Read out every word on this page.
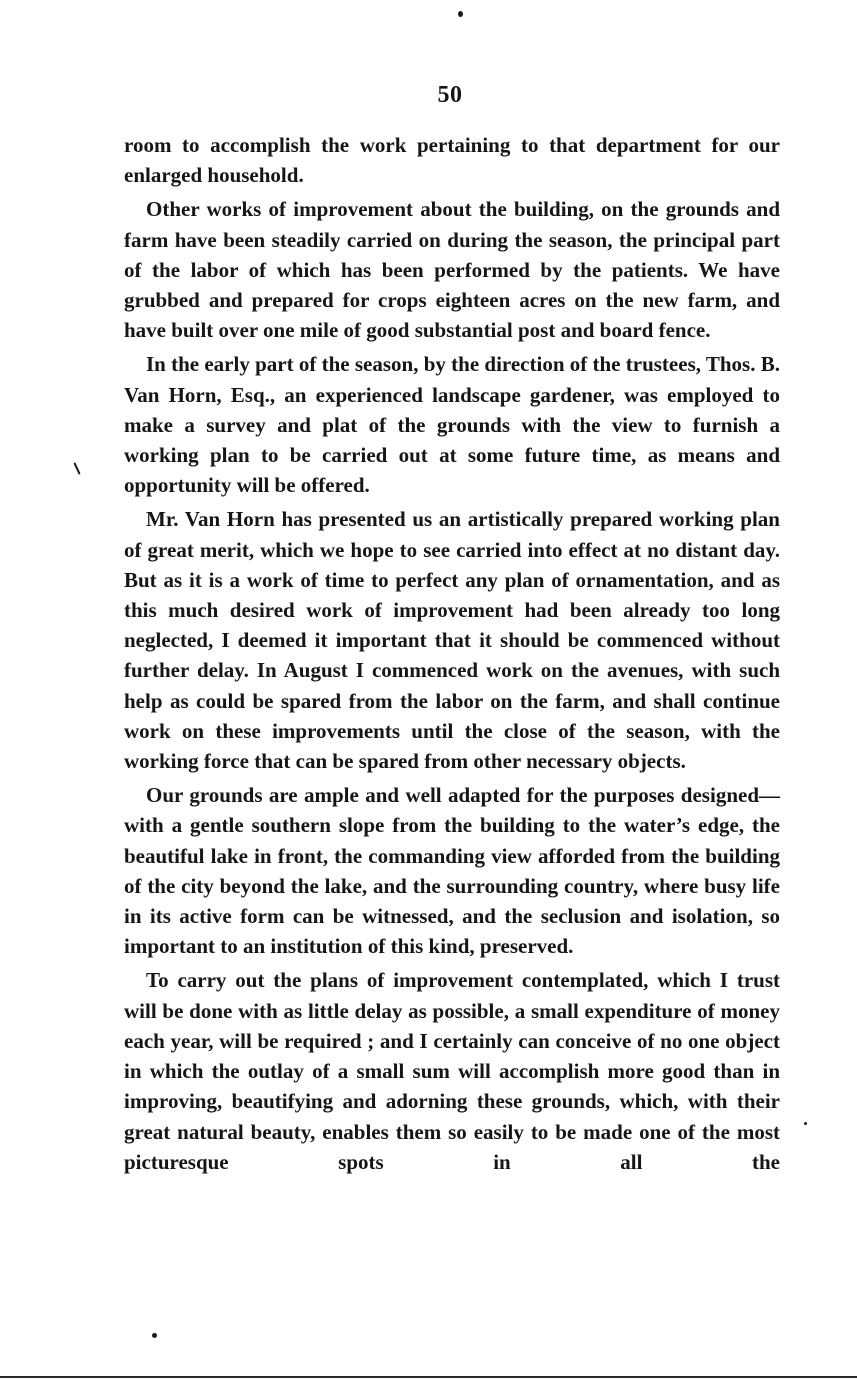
50

room to accomplish the work pertaining to that department for our enlarged household.

Other works of improvement about the building, on the grounds and farm have been steadily carried on during the season, the principal part of the labor of which has been performed by the patients. We have grubbed and prepared for crops eighteen acres on the new farm, and have built over one mile of good substantial post and board fence.

In the early part of the season, by the direction of the trustees, Thos. B. Van Horn, Esq., an experienced landscape gardener, was employed to make a survey and plat of the grounds with the view to furnish a working plan to be carried out at some future time, as means and opportunity will be offered.

Mr. Van Horn has presented us an artistically prepared working plan of great merit, which we hope to see carried into effect at no distant day. But as it is a work of time to perfect any plan of ornamentation, and as this much desired work of improvement had been already too long neglected, I deemed it important that it should be commenced without further delay. In August I commenced work on the avenues, with such help as could be spared from the labor on the farm, and shall continue work on these improvements until the close of the season, with the working force that can be spared from other necessary objects.

Our grounds are ample and well adapted for the purposes designed—with a gentle southern slope from the building to the water’s edge, the beautiful lake in front, the commanding view afforded from the building of the city beyond the lake, and the surrounding country, where busy life in its active form can be witnessed, and the seclusion and isolation, so important to an institution of this kind, preserved.

To carry out the plans of improvement contemplated, which I trust will be done with as little delay as possible, a small expenditure of money each year, will be required ; and I certainly can conceive of no one object in which the outlay of a small sum will accomplish more good than in improving, beautifying and adorning these grounds, which, with their great natural beauty, enables them so easily to be made one of the most picturesque spots in all the
